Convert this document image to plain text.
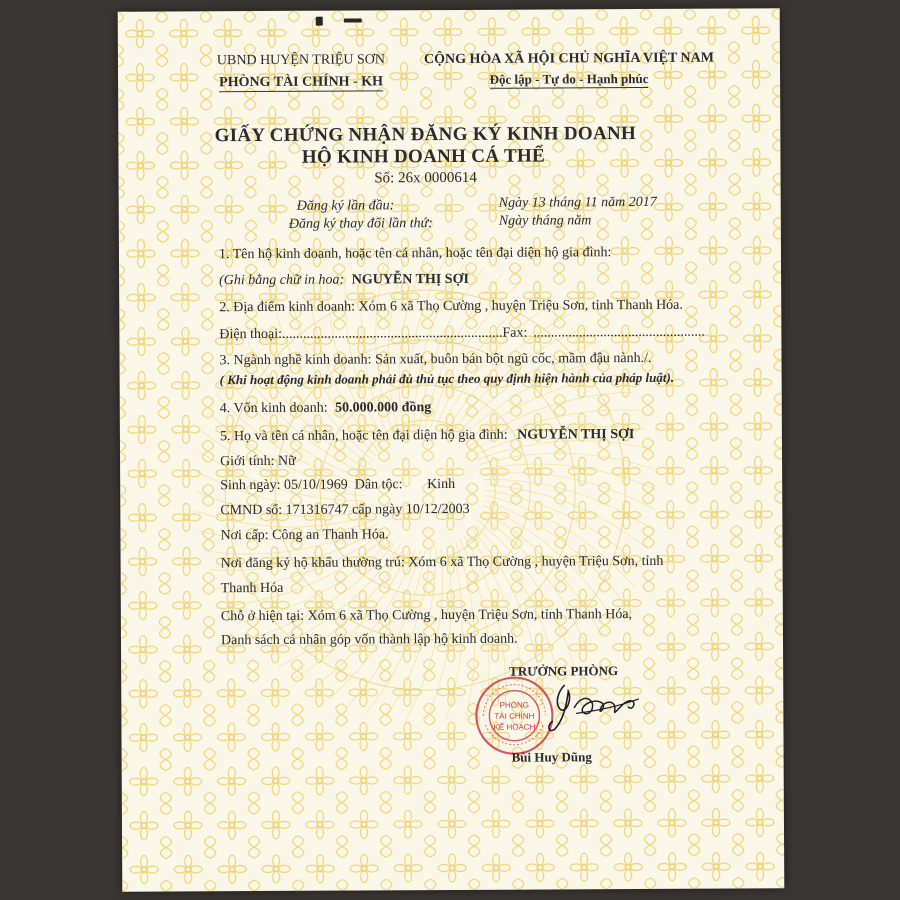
UBND HUYỆN TRIỆU SƠN
PHÒNG TÀI CHÍNH - KH
CỘNG HÒA XÃ HỘI CHỦ NGHĨA VIỆT NAM
Độc lập - Tự do - Hạnh phúc
GIẤY CHỨNG NHẬN ĐĂNG KÝ KINH DOANH
HỘ KINH DOANH CÁ THỂ
Số: 26x 0000614
Đăng ký lần đầu:	Ngày 13 tháng 11 năm 2017
Đăng ký thay đổi lần thứ:	Ngày tháng năm
1. Tên hộ kinh doanh, hoặc tên cá nhân, hoặc tên đại diện hộ gia đình:
(Ghi bằng chữ in hoa: NGUYỄN THỊ SỢI
2. Địa điểm kinh doanh: Xóm 6 xã Thọ Cường , huyện Triệu Sơn, tỉnh Thanh Hóa.
Điện thoại:...............................................................Fax: .................................................
3. Ngành nghề kinh doanh: Sản xuất, buôn bán bột ngũ cốc, mầm đậu nành./.
( Khi hoạt động kinh doanh phải đủ thủ tục theo quy định hiện hành của pháp luật).
4. Vốn kinh doanh: 50.000.000 đồng
5. Họ và tên cá nhân, hoặc tên đại diện hộ gia đình: NGUYỄN THỊ SỢI
Giới tính: Nữ
Sinh ngày: 05/10/1969  Dân tộc:       Kinh
CMND số: 171316747 cấp ngày 10/12/2003
Nơi cấp: Công an Thanh Hóa.
Nơi đăng ký hộ khẩu thường trú: Xóm 6 xã Thọ Cường , huyện Triệu Sơn, tỉnh
Thanh Hóa
Chỗ ở hiện tại: Xóm 6 xã Thọ Cường , huyện Triệu Sơn, tỉnh Thanh Hóa,
Danh sách cá nhân góp vốn thành lập hộ kinh doanh.
TRƯỞNG PHÒNG
PHÒNG
TÀI CHÍNH
KẾ HOẠCH
Bùi Huy Dũng
